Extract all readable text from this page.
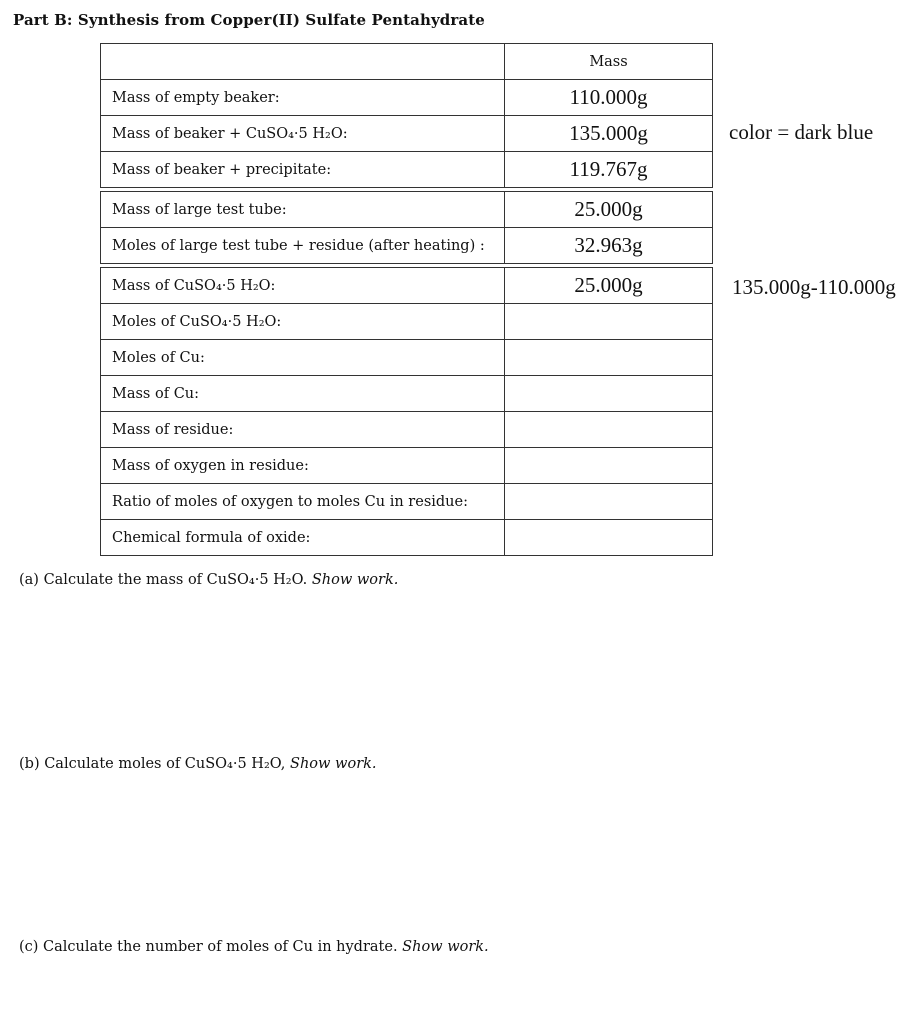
Part B: Synthesis from Copper(II) Sulfate Pentahydrate
	Mass
Mass of empty beaker:	110.000g
Mass of beaker + CuSO₄·5 H₂O:	135.000g
Mass of beaker + precipitate:	119.767g
Mass of large test tube:	25.000g
Moles of large test tube + residue (after heating) :	32.963g
Mass of CuSO₄·5 H₂O:	25.000g
Moles of CuSO₄·5 H₂O:	
Moles of Cu:	
Mass of Cu:	
Mass of residue:	
Mass of oxygen in residue:	
Ratio of moles of oxygen to moles Cu in residue:	
Chemical formula of oxide:	
color = dark blue
135.000g-110.000g
(a) Calculate the mass of CuSO₄·5 H₂O. Show work.
(b) Calculate moles of CuSO₄·5 H₂O, Show work.
(c) Calculate the number of moles of Cu in hydrate. Show work.
